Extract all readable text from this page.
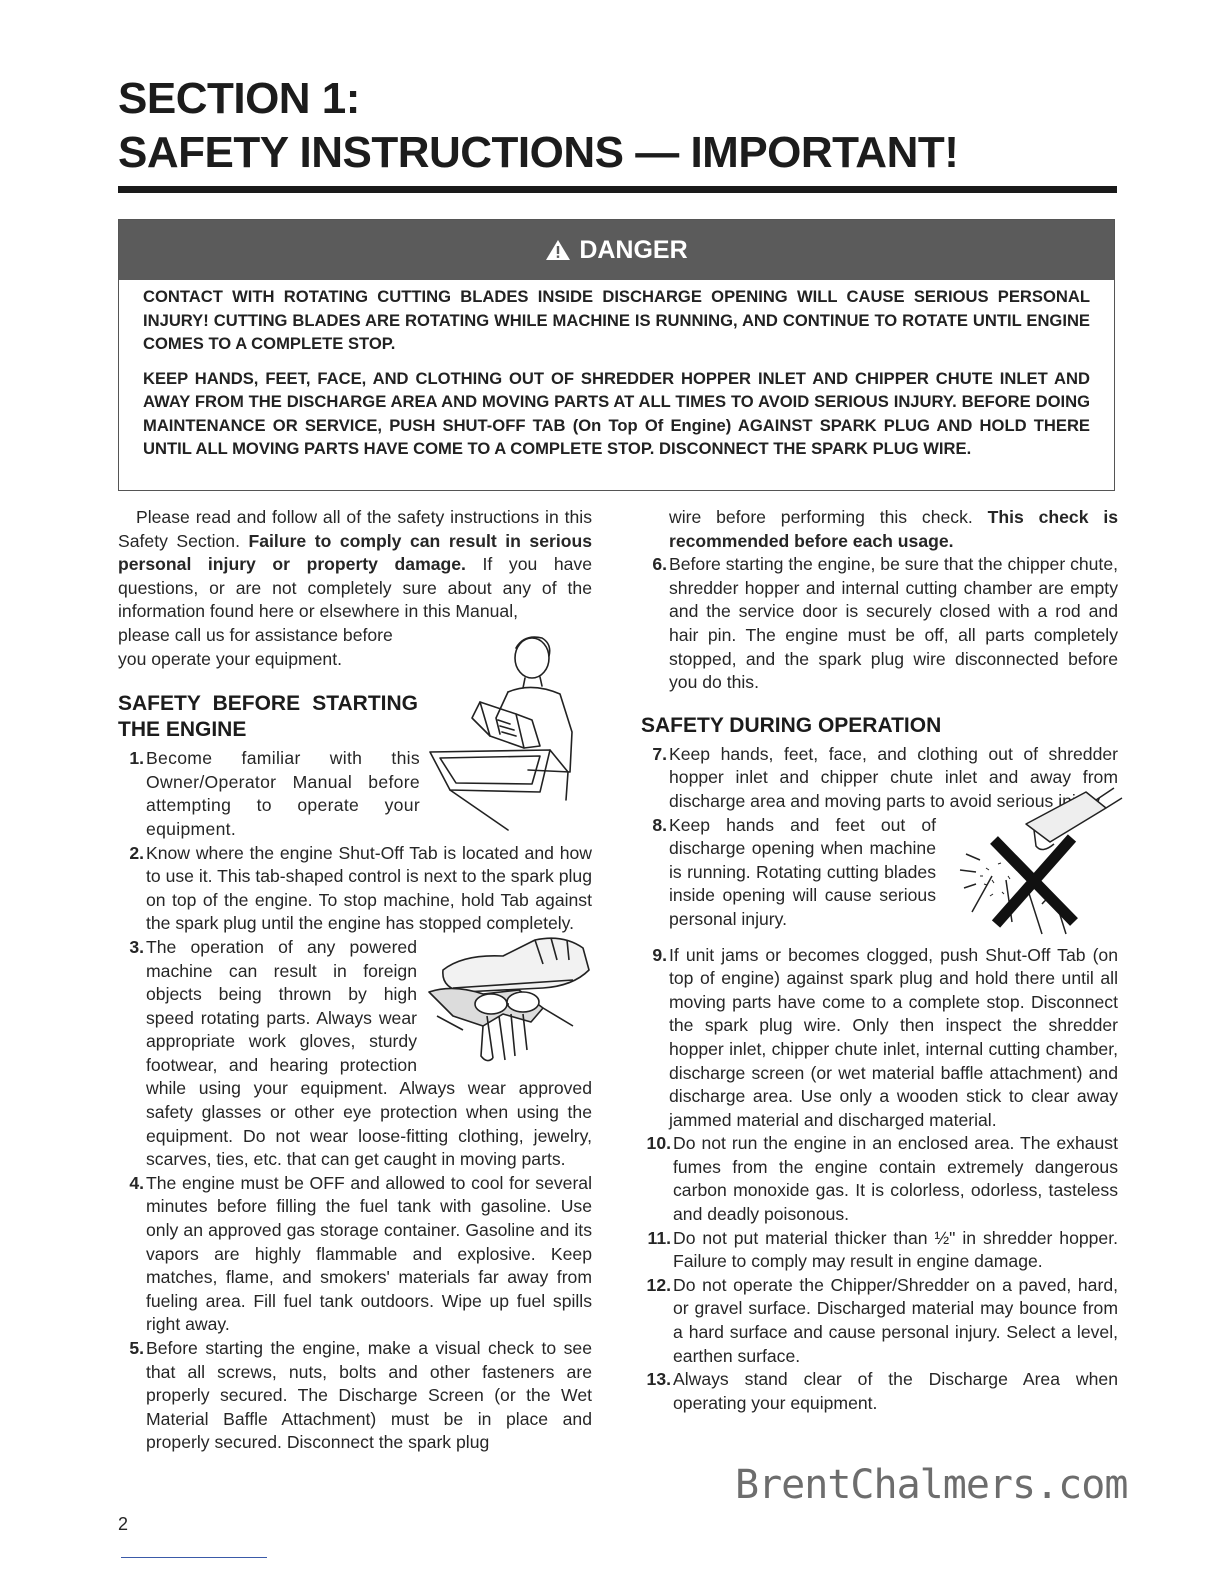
SECTION 1:
SAFETY INSTRUCTIONS — IMPORTANT!
DANGER

CONTACT WITH ROTATING CUTTING BLADES INSIDE DISCHARGE OPENING WILL CAUSE SERIOUS PERSONAL INJURY! CUTTING BLADES ARE ROTATING WHILE MACHINE IS RUNNING, AND CONTINUE TO ROTATE UNTIL ENGINE COMES TO A COMPLETE STOP.

KEEP HANDS, FEET, FACE, AND CLOTHING OUT OF SHREDDER HOPPER INLET AND CHIPPER CHUTE INLET AND AWAY FROM THE DISCHARGE AREA AND MOVING PARTS AT ALL TIMES TO AVOID SERIOUS INJURY. BEFORE DOING MAINTENANCE OR SERVICE, PUSH SHUT-OFF TAB (On Top Of Engine) AGAINST SPARK PLUG AND HOLD THERE UNTIL ALL MOVING PARTS HAVE COME TO A COMPLETE STOP. DISCONNECT THE SPARK PLUG WIRE.

Please read and follow all of the safety instructions in this Safety Section. Failure to comply can result in serious personal injury or property damage. If you have questions, or are not completely sure about any of the information found here or elsewhere in this Manual,

please call us for assistance before you operate your equipment.

SAFETY BEFORE STARTING THE ENGINE
1. Become familiar with this Owner/Operator Manual before attempting to operate your equipment.
2. Know where the engine Shut-Off Tab is located and how to use it. This tab-shaped control is next to the spark plug on top of the engine. To stop machine, hold Tab against the spark plug until the engine has stopped completely.
3. The operation of any powered machine can result in foreign objects being thrown by high speed rotating parts. Always wear appropriate work gloves, sturdy footwear, and hearing protection while using your equipment. Always wear approved safety glasses or other eye protection when using the equipment. Do not wear loose-fitting clothing, jewelry, scarves, ties, etc. that can get caught in moving parts.
4. The engine must be OFF and allowed to cool for several minutes before filling the fuel tank with gasoline. Use only an approved gas storage container. Gasoline and its vapors are highly flammable and explosive. Keep matches, flame, and smokers' materials far away from fueling area. Fill fuel tank outdoors. Wipe up fuel spills right away.
5. Before starting the engine, make a visual check to see that all screws, nuts, bolts and other fasteners are properly secured. The Discharge Screen (or the Wet Material Baffle Attachment) must be in place and properly secured. Disconnect the spark plug

wire before performing this check. This check is recommended before each usage.

6. Before starting the engine, be sure that the chipper chute, shredder hopper and internal cutting chamber are empty and the service door is securely closed with a rod and hair pin. The engine must be off, all parts completely stopped, and the spark plug wire disconnected before you do this.
SAFETY DURING OPERATION
7. Keep hands, feet, face, and clothing out of shredder hopper inlet and chipper chute inlet and away from discharge area and moving parts to avoid serious injury.
8. Keep hands and feet out of discharge opening when machine is running. Rotating cutting blades inside opening will cause serious personal injury.
9. If unit jams or becomes clogged, push Shut-Off Tab (on top of engine) against spark plug and hold there until all moving parts have come to a complete stop. Disconnect the spark plug wire. Only then inspect the shredder hopper inlet, chipper chute inlet, internal cutting chamber, discharge screen (or wet material baffle attachment) and discharge area. Use only a wooden stick to clear away jammed material and discharged material.
10. Do not run the engine in an enclosed area. The exhaust fumes from the engine contain extremely dangerous carbon monoxide gas. It is colorless, odorless, tasteless and deadly poisonous.
11. Do not put material thicker than ½" in shredder hopper. Failure to comply may result in engine damage.
12. Do not operate the Chipper/Shredder on a paved, hard, or gravel surface. Discharged material may bounce from a hard surface and cause personal injury. Select a level, earthen surface.
13. Always stand clear of the Discharge Area when operating your equipment.
BrentChalmers.com
2
